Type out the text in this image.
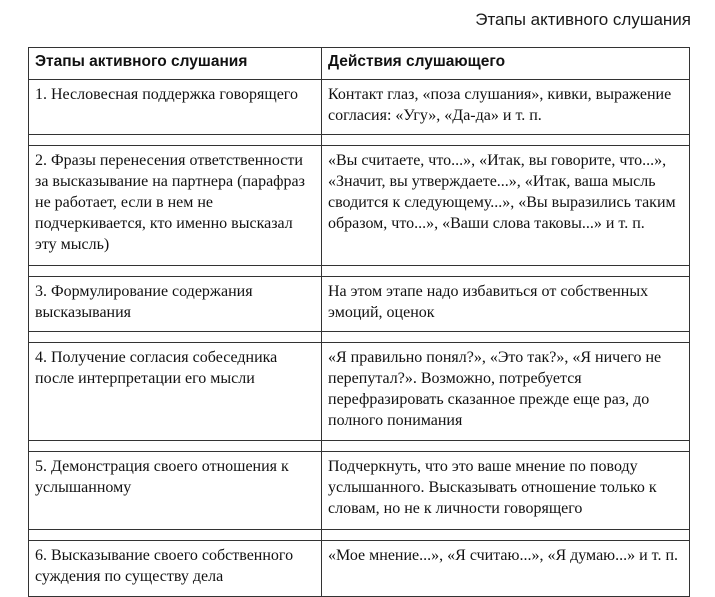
Этапы активного слушания
Этапы активного слушания	Действия слушающего
1. Несловесная поддержка говорящего	Контакт глаз, «поза слушания», кивки, выражение согласия: «Угу», «Да-да» и т. п.

2. Фразы перенесения ответственности за высказывание на партнера (парафраз не работает, если в нем не подчеркивается, кто именно высказал эту мысль)	«Вы считаете, что...», «Итак, вы говорите, что...», «Значит, вы утверждаете...», «Итак, ваша мысль сводится к следующему...», «Вы выразились таким образом, что...», «Ваши слова таковы...» и т. п.

3. Формулирование содержания высказывания	На этом этапе надо избавиться от собственных эмоций, оценок

4. Получение согласия собеседника после интерпретации его мысли	«Я правильно понял?», «Это так?», «Я ничего не перепутал?». Возможно, потребуется перефразировать сказанное прежде еще раз, до полного понимания

5. Демонстрация своего отношения к услышанному	Подчеркнуть, что это ваше мнение по поводу услышанного. Высказывать отношение только к словам, но не к личности говорящего

6. Высказывание своего собственного суждения по существу дела	«Мое мнение...», «Я считаю...», «Я думаю...» и т. п.
